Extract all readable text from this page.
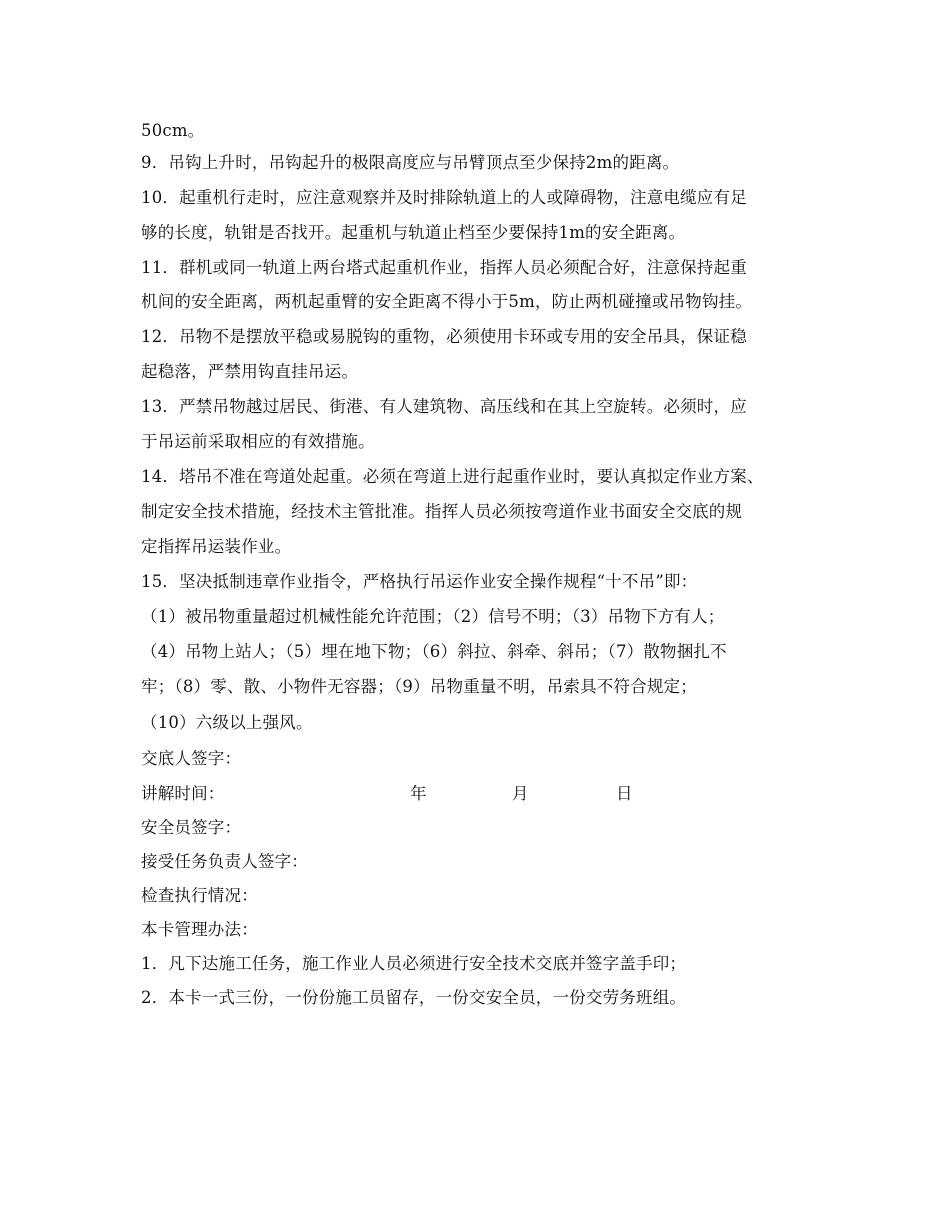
50cm。
9．吊钩上升时，吊钩起升的极限高度应与吊臂顶点至少保持2m的距离。
10．起重机行走时，应注意观察并及时排除轨道上的人或障碍物，注意电缆应有足
够的长度，轨钳是否找开。起重机与轨道止档至少要保持1m的安全距离。
11．群机或同一轨道上两台塔式起重机作业，指挥人员必须配合好，注意保持起重
机间的安全距离，两机起重臂的安全距离不得小于5m，防止两机碰撞或吊物钩挂。
12．吊物不是摆放平稳或易脱钩的重物，必须使用卡环或专用的安全吊具，保证稳
起稳落，严禁用钩直挂吊运。
13．严禁吊物越过居民、街港、有人建筑物、高压线和在其上空旋转。必须时，应
于吊运前采取相应的有效措施。
14．塔吊不准在弯道处起重。必须在弯道上进行起重作业时，要认真拟定作业方案、
制定安全技术措施，经技术主管批准。指挥人员必须按弯道作业书面安全交底的规
定指挥吊运装作业。
15．坚决抵制违章作业指令，严格执行吊运作业安全操作规程“十不吊”即：
（1）被吊物重量超过机械性能允许范围；（2）信号不明；（3）吊物下方有人；
（4）吊物上站人；（5）埋在地下物；（6）斜拉、斜牵、斜吊；（7）散物捆扎不
牢；（8）零、散、小物件无容器；（9）吊物重量不明，吊索具不符合规定；
（10）六级以上强风。
交底人签字：
讲解时间：	年	月	日
安全员签字：
接受任务负责人签字：
检查执行情况：
本卡管理办法：
1．凡下达施工任务，施工作业人员必须进行安全技术交底并签字盖手印；
2．本卡一式三份，一份份施工员留存，一份交安全员，一份交劳务班组。
